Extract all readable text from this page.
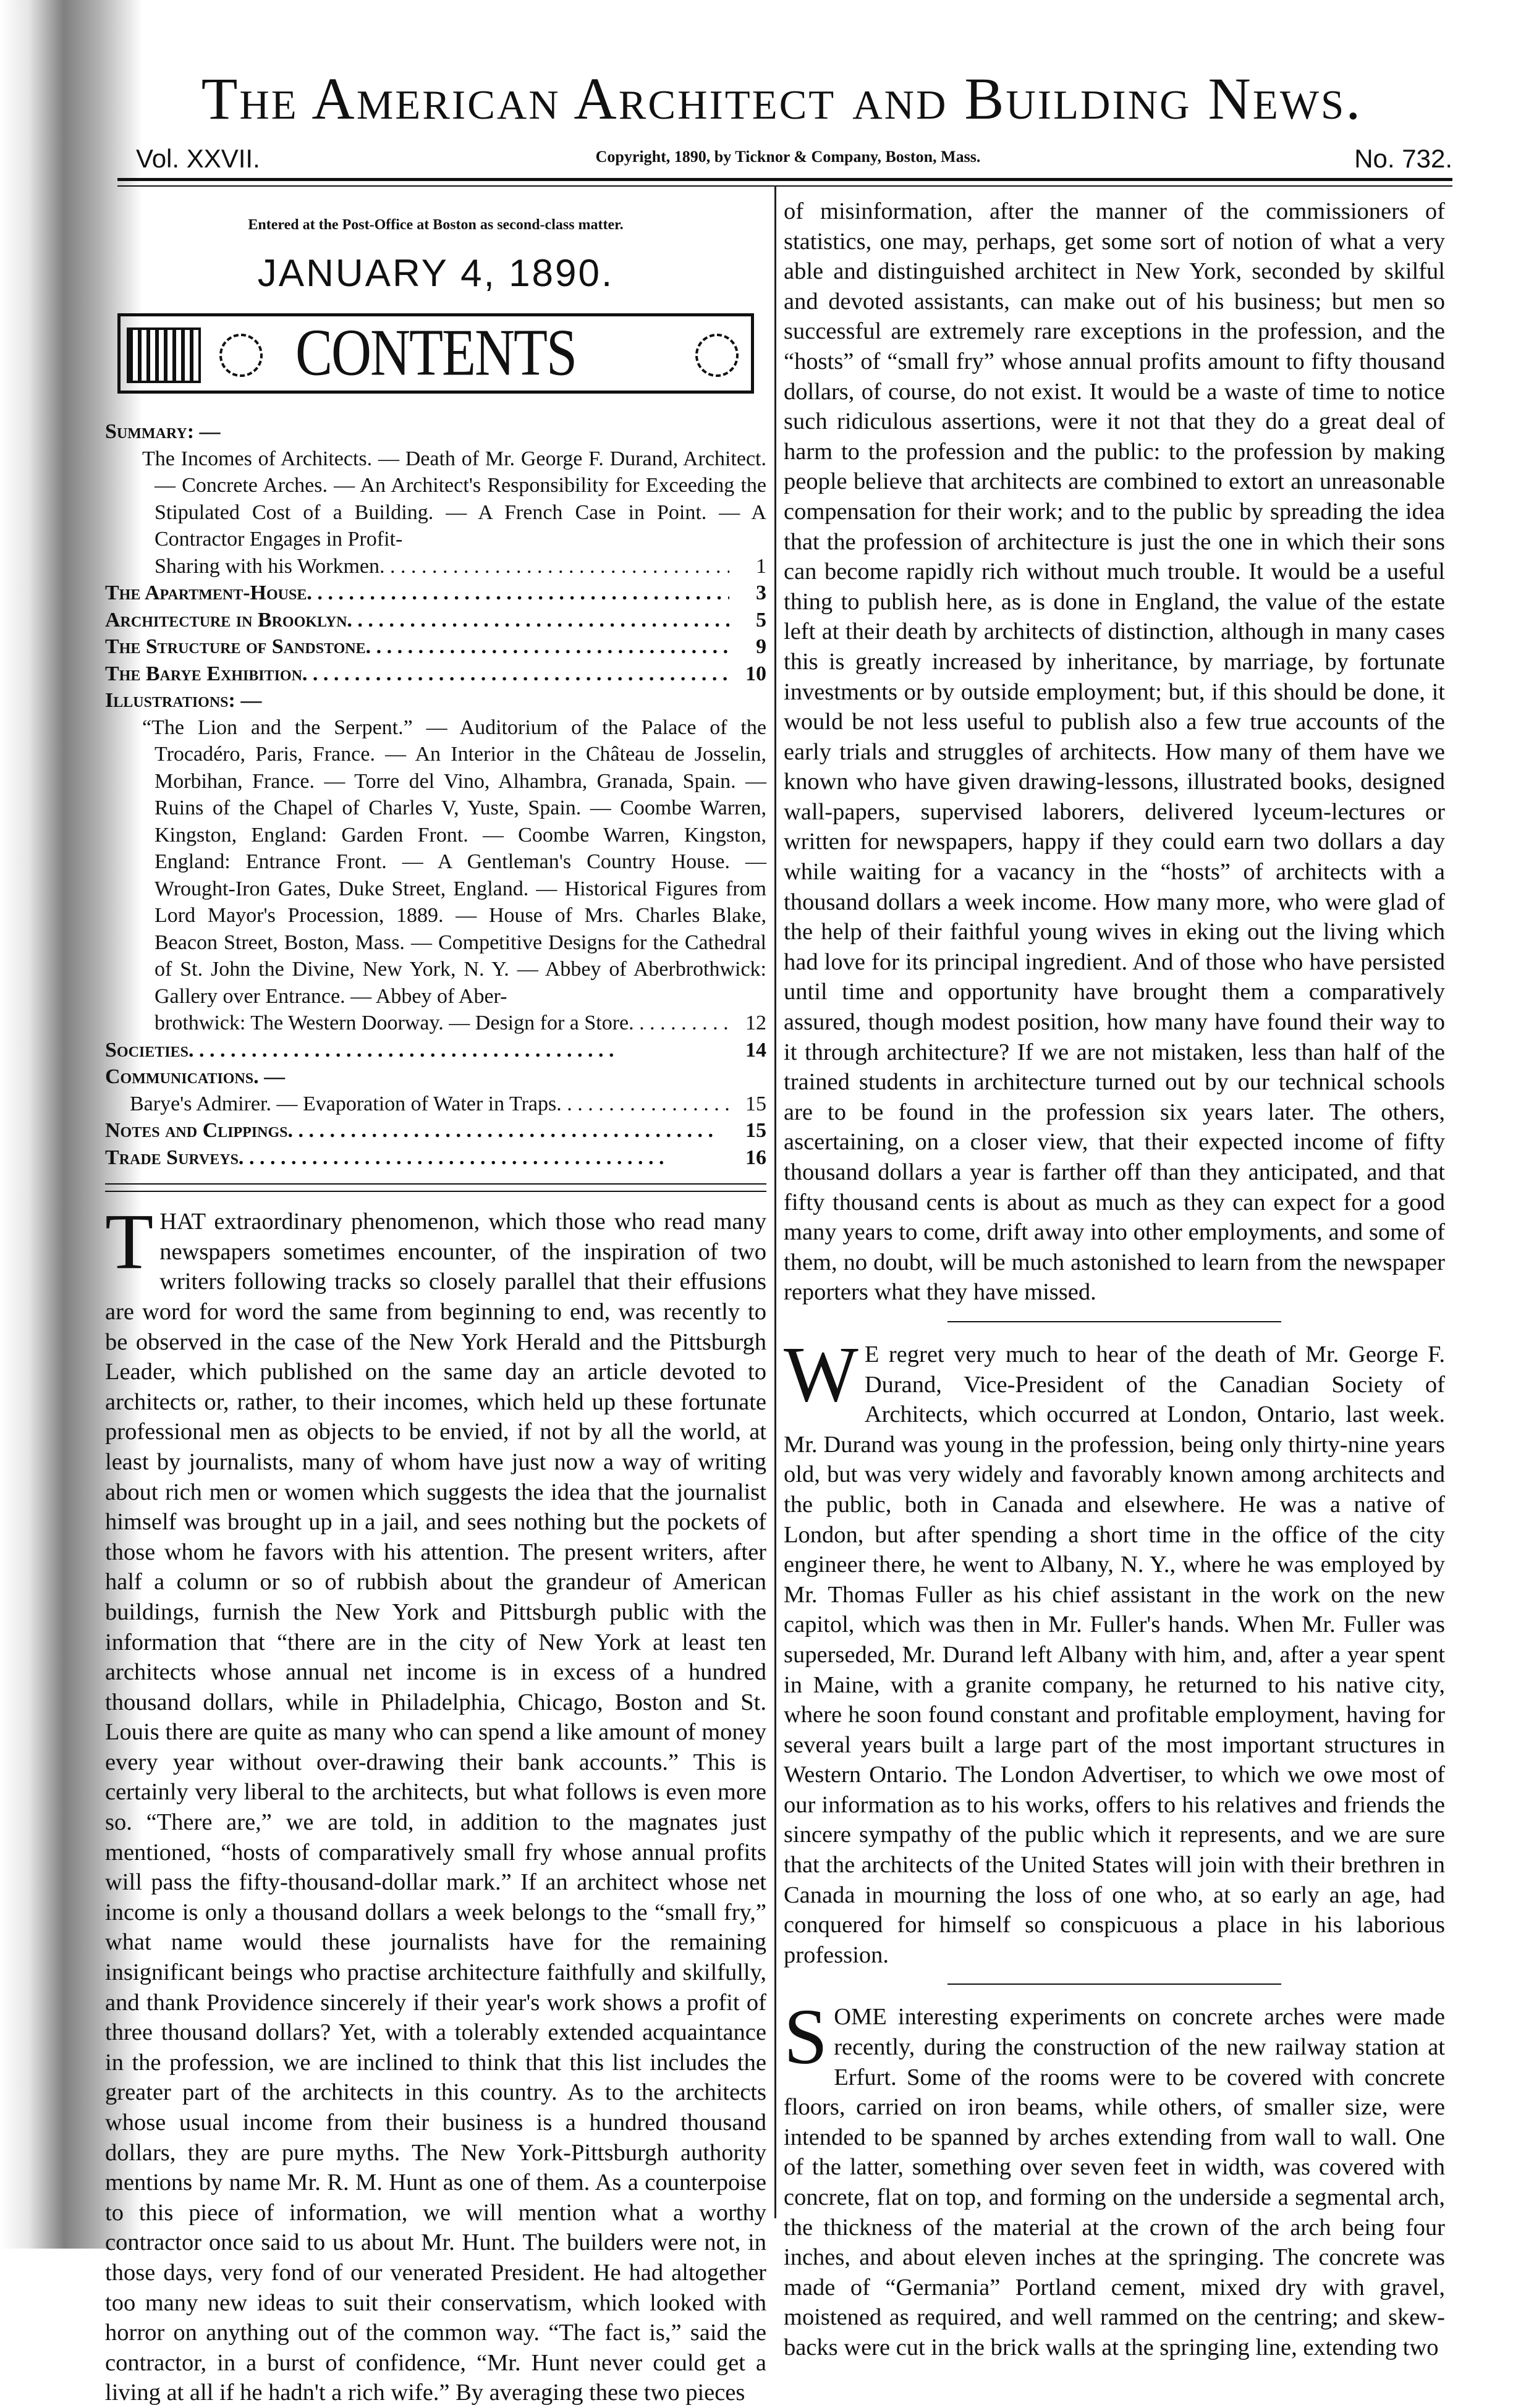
The American Architect and Building News.
Vol. XXVII.	Copyright, 1890, by Ticknor & Company, Boston, Mass.	No. 732.
Entered at the Post-Office at Boston as second-class matter.
JANUARY 4, 1890.
CONTENTS
Summary: —
The Incomes of Architects. — Death of Mr. George F. Durand, Architect. — Concrete Arches. — An Architect's Responsibility for Exceeding the Stipulated Cost of a Building. — A French Case in Point. — A Contractor Engages in Profit-
Sharing with his Workmen. . . .	1
The Apartment-House. . . .	3
Architecture in Brooklyn. . . .	5
The Structure of Sandstone. . . .	9
The Barye Exhibition. . . .	10
Illustrations: —
“The Lion and the Serpent.” — Auditorium of the Palace of the Trocadéro, Paris, France. — An Interior in the Château de Josselin, Morbihan, France. — Torre del Vino, Alhambra, Granada, Spain. — Ruins of the Chapel of Charles V, Yuste, Spain. — Coombe Warren, Kingston, England: Garden Front. — Coombe Warren, Kingston, England: Entrance Front. — A Gentleman's Country House. — Wrought-Iron Gates, Duke Street, England. — Historical Figures from Lord Mayor's Procession, 1889. — House of Mrs. Charles Blake, Beacon Street, Boston, Mass. — Competitive Designs for the Cathedral of St. John the Divine, New York, N. Y. — Abbey of Aberbrothwick: Gallery over Entrance. — Abbey of Aber-
brothwick: The Western Doorway. — Design for a Store. . . .	12
Societies. . . .	14
Communications. —
Barye's Admirer. — Evaporation of Water in Traps. . . .	15
Notes and Clippings. . . .	15
Trade Surveys. . . .	16

THAT extraordinary phenomenon, which those who read many newspapers sometimes encounter, of the inspiration of two writers following tracks so closely parallel that their effusions are word for word the same from beginning to end, was recently to be observed in the case of the New York Herald and the Pittsburgh Leader, which published on the same day an article devoted to architects or, rather, to their incomes, which held up these fortunate professional men as objects to be envied, if not by all the world, at least by journalists, many of whom have just now a way of writing about rich men or women which suggests the idea that the journalist himself was brought up in a jail, and sees nothing but the pockets of those whom he favors with his attention. The present writers, after half a column or so of rubbish about the grandeur of American buildings, furnish the New York and Pittsburgh public with the information that “there are in the city of New York at least ten architects whose annual net income is in excess of a hundred thousand dollars, while in Philadelphia, Chicago, Boston and St. Louis there are quite as many who can spend a like amount of money every year without over-drawing their bank accounts.” This is certainly very liberal to the architects, but what follows is even more so. “There are,” we are told, in addition to the magnates just mentioned, “hosts of comparatively small fry whose annual profits will pass the fifty-thousand-dollar mark.” If an architect whose net income is only a thousand dollars a week belongs to the “small fry,” what name would these journalists have for the remaining insignificant beings who practise architecture faithfully and skilfully, and thank Providence sincerely if their year's work shows a profit of three thousand dollars? Yet, with a tolerably extended acquaintance in the profession, we are inclined to think that this list includes the greater part of the architects in this country. As to the architects whose usual income from their business is a hundred thousand dollars, they are pure myths. The New York-Pittsburgh authority mentions by name Mr. R. M. Hunt as one of them. As a counterpoise to this piece of information, we will mention what a worthy contractor once said to us about Mr. Hunt. The builders were not, in those days, very fond of our venerated President. He had altogether too many new ideas to suit their conservatism, which looked with horror on anything out of the common way. “The fact is,” said the contractor, in a burst of confidence, “Mr. Hunt never could get a living at all if he hadn't a rich wife.” By averaging these two pieces

of misinformation, after the manner of the commissioners of statistics, one may, perhaps, get some sort of notion of what a very able and distinguished architect in New York, seconded by skilful and devoted assistants, can make out of his business; but men so successful are extremely rare exceptions in the profession, and the “hosts” of “small fry” whose annual profits amount to fifty thousand dollars, of course, do not exist. It would be a waste of time to notice such ridiculous assertions, were it not that they do a great deal of harm to the profession and the public: to the profession by making people believe that architects are combined to extort an unreasonable compensation for their work; and to the public by spreading the idea that the profession of architecture is just the one in which their sons can become rapidly rich without much trouble. It would be a useful thing to publish here, as is done in England, the value of the estate left at their death by architects of distinction, although in many cases this is greatly increased by inheritance, by marriage, by fortunate investments or by outside employment; but, if this should be done, it would be not less useful to publish also a few true accounts of the early trials and struggles of architects. How many of them have we known who have given drawing-lessons, illustrated books, designed wall-papers, supervised laborers, delivered lyceum-lectures or written for newspapers, happy if they could earn two dollars a day while waiting for a vacancy in the “hosts” of architects with a thousand dollars a week income. How many more, who were glad of the help of their faithful young wives in eking out the living which had love for its principal ingredient. And of those who have persisted until time and opportunity have brought them a comparatively assured, though modest position, how many have found their way to it through architecture? If we are not mistaken, less than half of the trained students in architecture turned out by our technical schools are to be found in the profession six years later. The others, ascertaining, on a closer view, that their expected income of fifty thousand dollars a year is farther off than they anticipated, and that fifty thousand cents is about as much as they can expect for a good many years to come, drift away into other employments, and some of them, no doubt, will be much astonished to learn from the newspaper reporters what they have missed.

W E regret very much to hear of the death of Mr. George F. Durand, Vice-President of the Canadian Society of Architects, which occurred at London, Ontario, last week. Mr. Durand was young in the profession, being only thirty-nine years old, but was very widely and favorably known among architects and the public, both in Canada and elsewhere. He was a native of London, but after spending a short time in the office of the city engineer there, he went to Albany, N. Y., where he was employed by Mr. Thomas Fuller as his chief assistant in the work on the new capitol, which was then in Mr. Fuller's hands. When Mr. Fuller was superseded, Mr. Durand left Albany with him, and, after a year spent in Maine, with a granite company, he returned to his native city, where he soon found constant and profitable employment, having for several years built a large part of the most important structures in Western Ontario. The London Advertiser, to which we owe most of our information as to his works, offers to his relatives and friends the sincere sympathy of the public which it represents, and we are sure that the architects of the United States will join with their brethren in Canada in mourning the loss of one who, at so early an age, had conquered for himself so conspicuous a place in his laborious profession.

SOME interesting experiments on concrete arches were made recently, during the construction of the new railway station at Erfurt. Some of the rooms were to be covered with concrete floors, carried on iron beams, while others, of smaller size, were intended to be spanned by arches extending from wall to wall. One of the latter, something over seven feet in width, was covered with concrete, flat on top, and forming on the underside a segmental arch, the thickness of the material at the crown of the arch being four inches, and about eleven inches at the springing. The concrete was made of “Germania” Portland cement, mixed dry with gravel, moistened as required, and well rammed on the centring; and skew-backs were cut in the brick walls at the springing line, extending two
